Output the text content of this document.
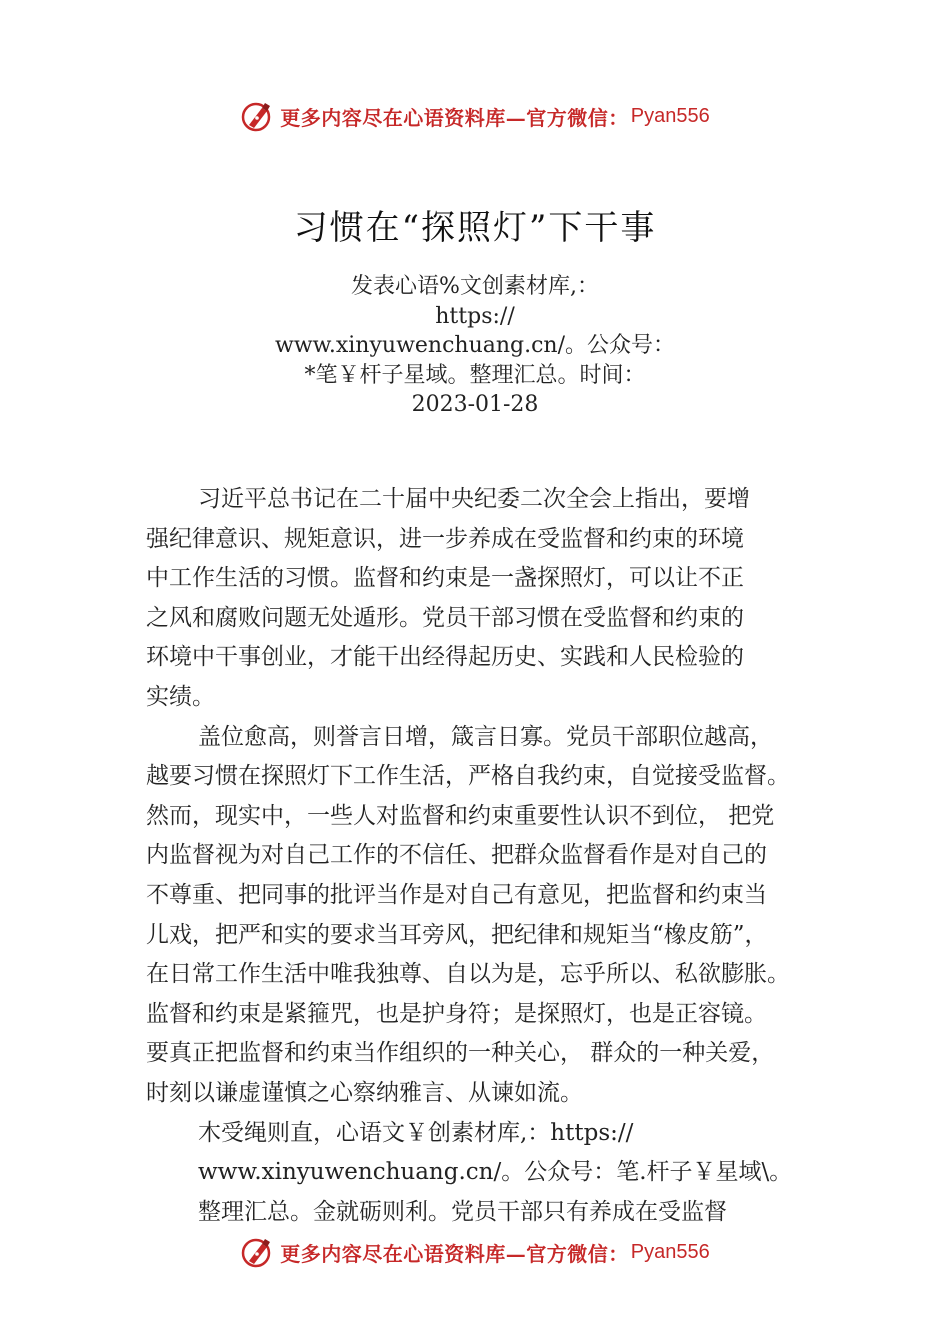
更多内容尽在心语资料库—官方微信： Pyan556
习惯在“探照灯”下干事
发表心语%文创素材库,：
https://
www.xinyuwenchuang.cn/。公众号：
*笔￥杆子星域。整理汇总。时间：
2023-01-28
习近平总书记在二十届中央纪委二次全会上指出，要增
强纪律意识、规矩意识，进一步养成在受监督和约束的环境
中工作生活的习惯。监督和约束是一盏探照灯，可以让不正
之风和腐败问题无处遁形。党员干部习惯在受监督和约束的
环境中干事创业，才能干出经得起历史、实践和人民检验的
实绩。
盖位愈高，则誉言日增，箴言日寡。党员干部职位越高，
越要习惯在探照灯下工作生活，严格自我约束，自觉接受监督。
然而，现实中，一些人对监督和约束重要性认识不到位， 把党
内监督视为对自己工作的不信任、把群众监督看作是对自己的
不尊重、把同事的批评当作是对自己有意见，把监督和约束当
儿戏，把严和实的要求当耳旁风，把纪律和规矩当“橡皮筋”，
在日常工作生活中唯我独尊、自以为是，忘乎所以、私欲膨胀。
监督和约束是紧箍咒，也是护身符；是探照灯，也是正容镜。
要真正把监督和约束当作组织的一种关心， 群众的一种关爱，
时刻以谦虚谨慎之心察纳雅言、从谏如流。
木受绳则直，心语文￥创素材库,：https://
www.xinyuwenchuang.cn/。公众号：笔.杆子￥星域\。
整理汇总。金就砺则利。党员干部只有养成在受监督
更多内容尽在心语资料库—官方微信： Pyan556
